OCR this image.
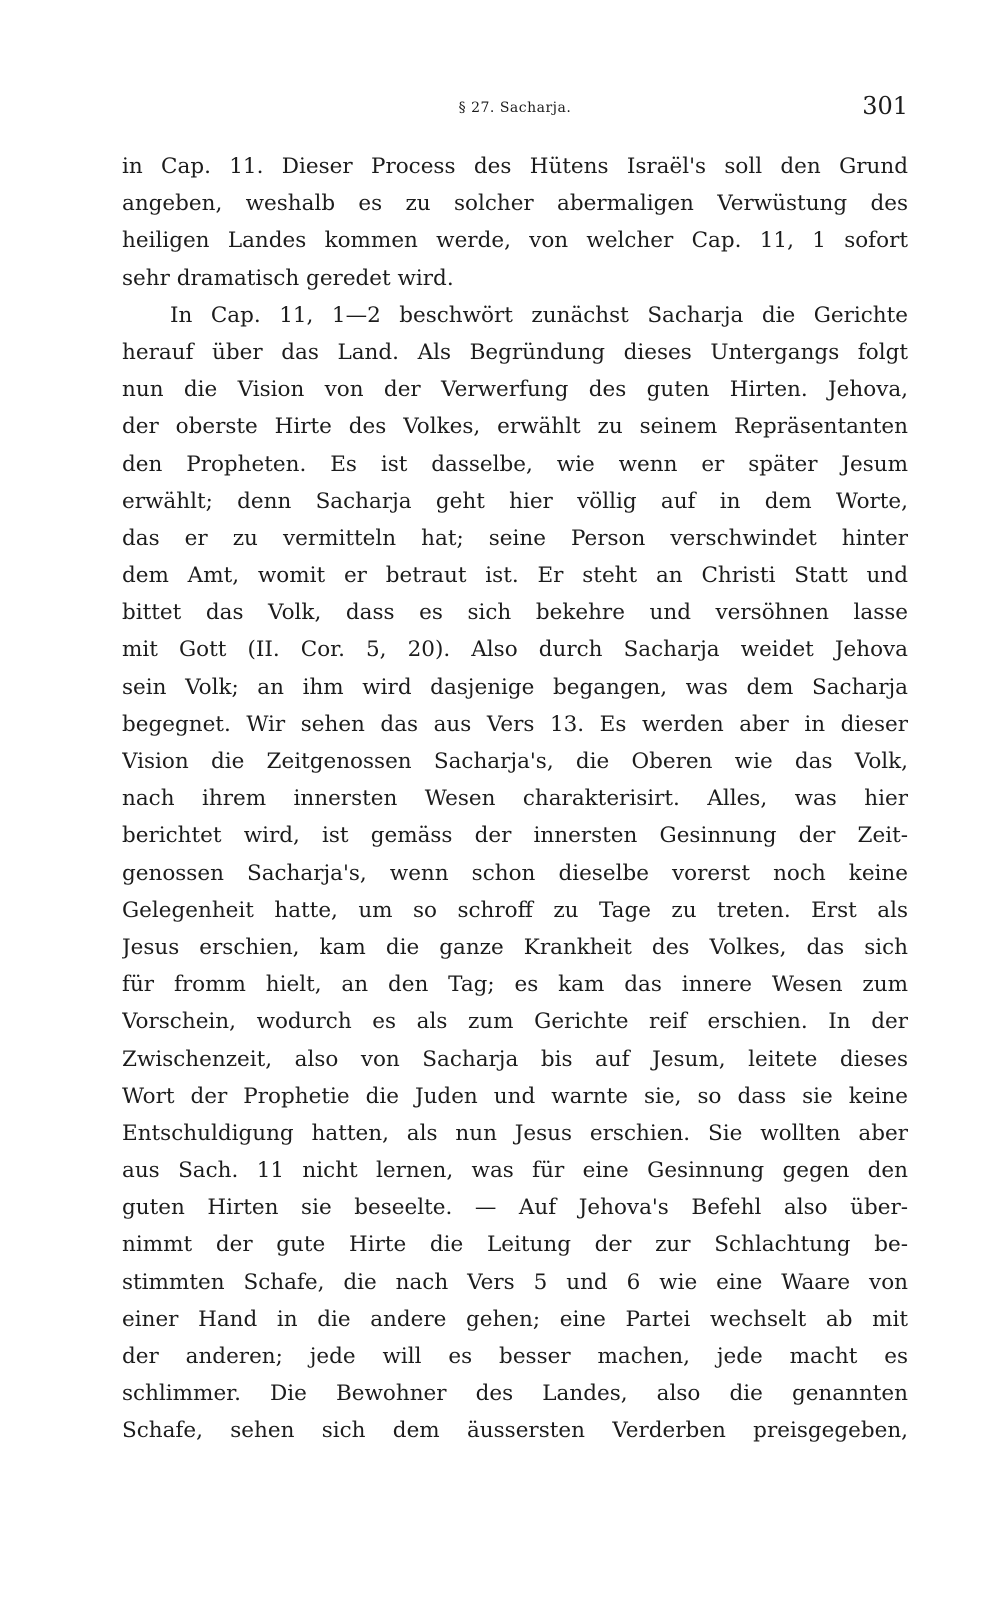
§ 27. Sacharja.	301
in Cap. 11. Dieser Process des Hütens Israël's soll den Grund
angeben, weshalb es zu solcher abermaligen Verwüstung des
heiligen Landes kommen werde, von welcher Cap. 11, 1 sofort
sehr dramatisch geredet wird.
In Cap. 11, 1—2 beschwört zunächst Sacharja die Gerichte
herauf über das Land. Als Begründung dieses Untergangs folgt
nun die Vision von der Verwerfung des guten Hirten. Jehova,
der oberste Hirte des Volkes, erwählt zu seinem Repräsentanten
den Propheten. Es ist dasselbe, wie wenn er später Jesum
erwählt; denn Sacharja geht hier völlig auf in dem Worte,
das er zu vermitteln hat; seine Person verschwindet hinter
dem Amt, womit er betraut ist. Er steht an Christi Statt und
bittet das Volk, dass es sich bekehre und versöhnen lasse
mit Gott (II. Cor. 5, 20). Also durch Sacharja weidet Jehova
sein Volk; an ihm wird dasjenige begangen, was dem Sacharja
begegnet. Wir sehen das aus Vers 13. Es werden aber in dieser
Vision die Zeitgenossen Sacharja's, die Oberen wie das Volk,
nach ihrem innersten Wesen charakterisirt. Alles, was hier
berichtet wird, ist gemäss der innersten Gesinnung der Zeit-
genossen Sacharja's, wenn schon dieselbe vorerst noch keine
Gelegenheit hatte, um so schroff zu Tage zu treten. Erst als
Jesus erschien, kam die ganze Krankheit des Volkes, das sich
für fromm hielt, an den Tag; es kam das innere Wesen zum
Vorschein, wodurch es als zum Gerichte reif erschien. In der
Zwischenzeit, also von Sacharja bis auf Jesum, leitete dieses
Wort der Prophetie die Juden und warnte sie, so dass sie keine
Entschuldigung hatten, als nun Jesus erschien. Sie wollten aber
aus Sach. 11 nicht lernen, was für eine Gesinnung gegen den
guten Hirten sie beseelte. — Auf Jehova's Befehl also über-
nimmt der gute Hirte die Leitung der zur Schlachtung be-
stimmten Schafe, die nach Vers 5 und 6 wie eine Waare von
einer Hand in die andere gehen; eine Partei wechselt ab mit
der anderen; jede will es besser machen, jede macht es
schlimmer. Die Bewohner des Landes, also die genannten
Schafe, sehen sich dem äussersten Verderben preisgegeben,
